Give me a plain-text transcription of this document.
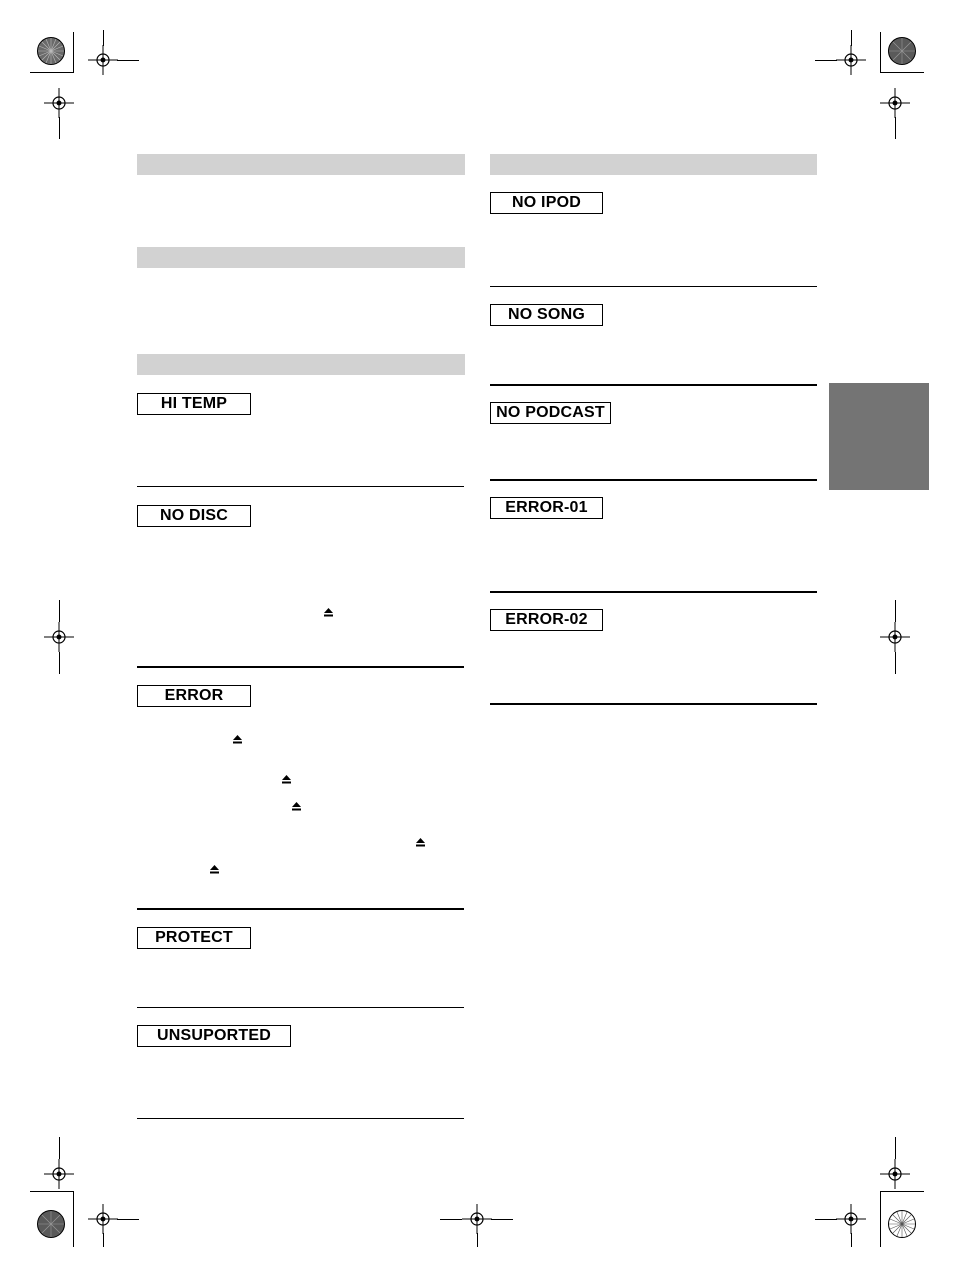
HI TEMP
NO DISC
ERROR
PROTECT
UNSUPORTED
NO IPOD
NO SONG
NO PODCAST
ERROR-01
ERROR-02
